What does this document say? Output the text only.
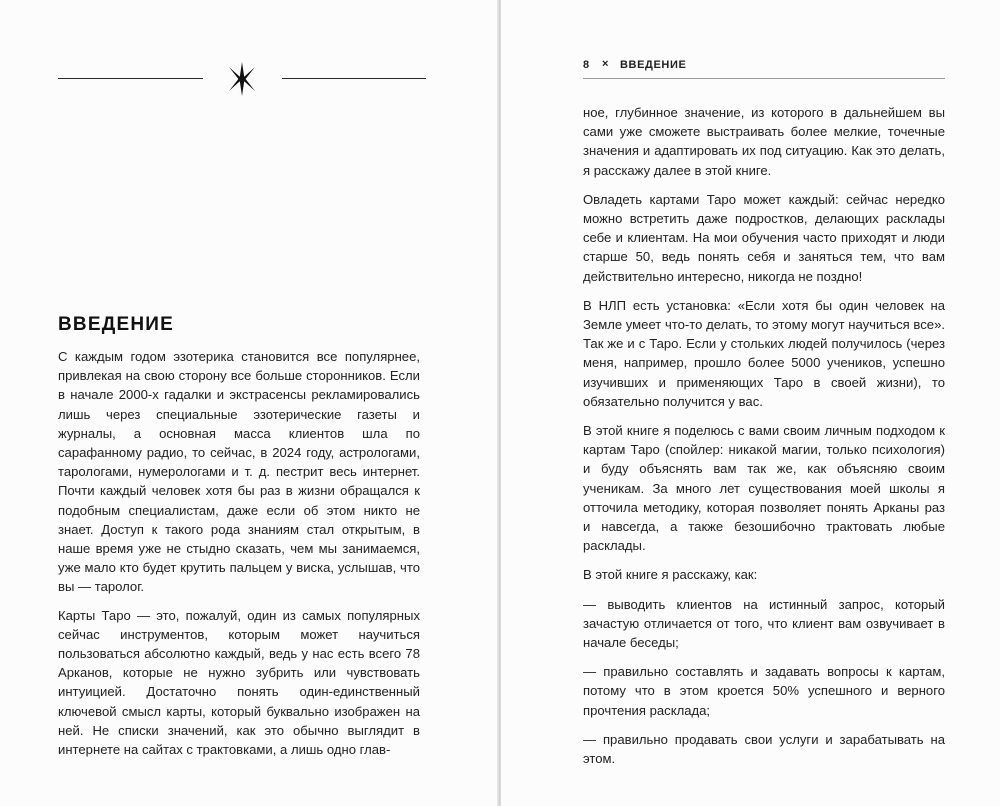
ВВЕДЕНИЕ

С каждым годом эзотерика становится все популярнее, привлекая на свою сторону все больше сторонников. Если в начале 2000-х гадалки и экстрасенсы рекламировались лишь через специальные эзотерические газеты и журналы, а основная масса клиентов шла по сарафанному радио, то сейчас, в 2024 году, астрологами, тарологами, нумерологами и т. д. пестрит весь интернет. Почти каждый человек хотя бы раз в жизни обращался к подобным специалистам, даже если об этом никто не знает. Доступ к такого рода знаниям стал открытым, в наше время уже не стыдно сказать, чем мы занимаемся, уже мало кто будет крутить пальцем у виска, услышав, что вы — таролог.

Карты Таро — это, пожалуй, один из самых популярных сейчас инструментов, которым может научиться пользоваться абсолютно каждый, ведь у нас есть всего 78 Арканов, которые не нужно зубрить или чувствовать интуицией. Достаточно понять один-единственный ключевой смысл карты, который буквально изображен на ней. Не списки значений, как это обычно выглядит в интернете на сайтах с трактовками, а лишь одно глав-

8 × ВВЕДЕНИЕ

ное, глубинное значение, из которого в дальнейшем вы сами уже сможете выстраивать более мелкие, точечные значения и адаптировать их под ситуацию. Как это делать, я расскажу далее в этой книге.

Овладеть картами Таро может каждый: сейчас нередко можно встретить даже подростков, делающих расклады себе и клиентам. На мои обучения часто приходят и люди старше 50, ведь понять себя и заняться тем, что вам действительно интересно, никогда не поздно!

В НЛП есть установка: «Если хотя бы один человек на Земле умеет что-то делать, то этому могут научиться все». Так же и с Таро. Если у стольких людей получилось (через меня, например, прошло более 5000 учеников, успешно изучивших и применяющих Таро в своей жизни), то обязательно получится у вас.

В этой книге я поделюсь с вами своим личным подходом к картам Таро (спойлер: никакой магии, только психология) и буду объяснять вам так же, как объясняю своим ученикам. За много лет существования моей школы я отточила методику, которая позволяет понять Арканы раз и навсегда, а также безошибочно трактовать любые расклады.

В этой книге я расскажу, как:

— выводить клиентов на истинный запрос, который зачастую отличается от того, что клиент вам озвучивает в начале беседы;

— правильно составлять и задавать вопросы к картам, потому что в этом кроется 50% успешного и верного прочтения расклада;

— правильно продавать свои услуги и зарабатывать на этом.
